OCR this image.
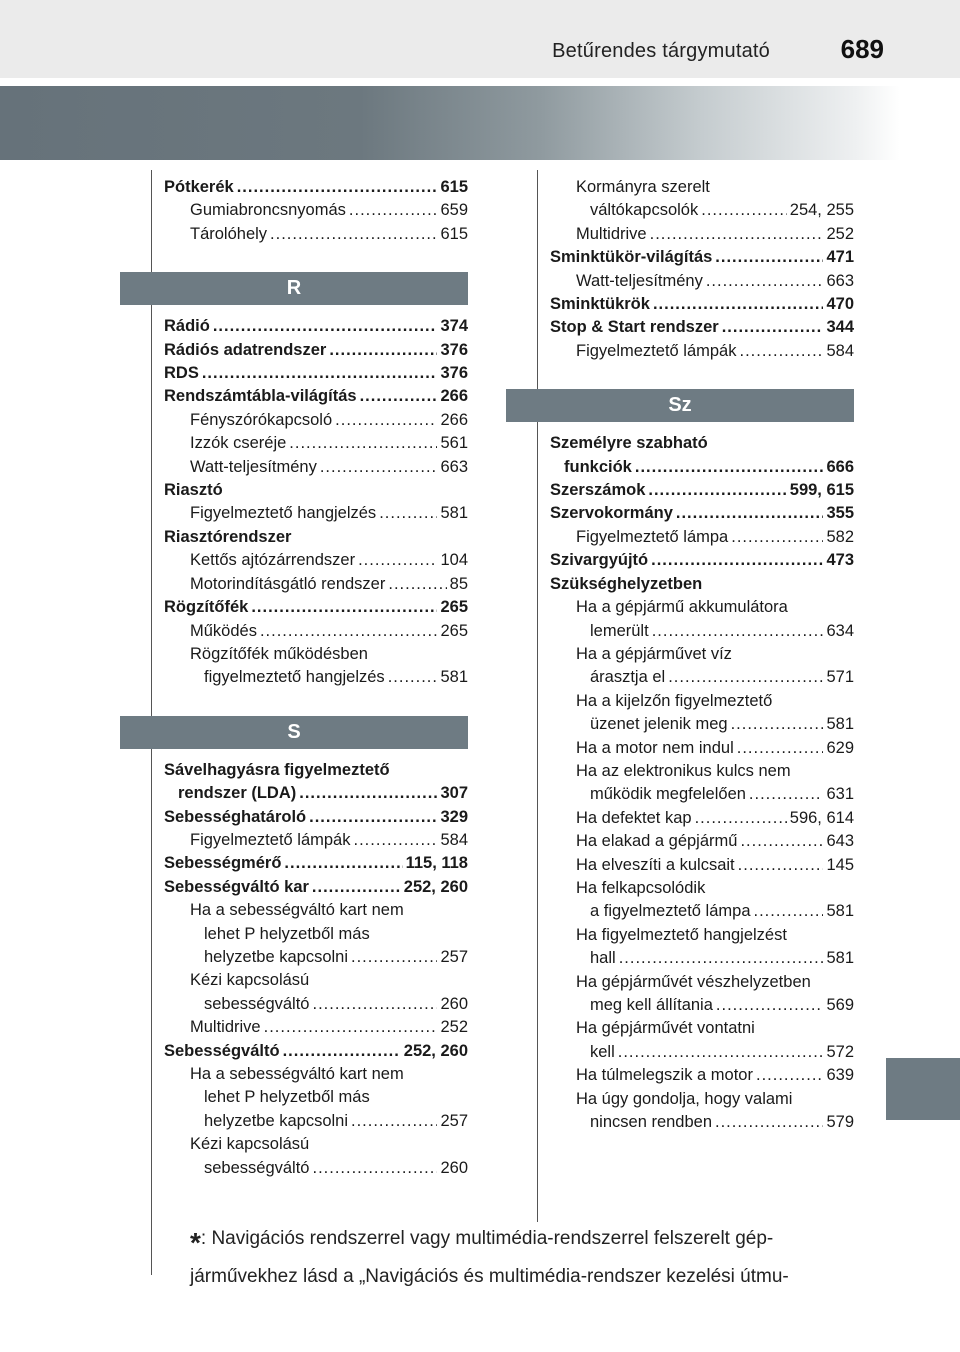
Betűrendes tárgymutató	689
Pótkerék .....	615
Gumiabroncsnyomás .....	659
Tárolóhely .....	615
R
Rádió .....	374
Rádiós adatrendszer .....	376
RDS .....	376
Rendszámtábla-világítás .....	266
Fényszórókapcsoló .....	266
Izzók cseréje .....	561
Watt-teljesítmény .....	663
Riasztó
Figyelmeztető hangjelzés .....	581
Riasztórendszer
Kettős ajtózárrendszer .....	104
Motorindításgátló rendszer .....	85
Rögzítőfék .....	265
Működés .....	265
Rögzítőfék működésben
figyelmeztető hangjelzés .....	581
S
Sávelhagyásra figyelmeztető
rendszer (LDA) .....	307
Sebességhatároló .....	329
Figyelmeztető lámpák .....	584
Sebességmérő .....	115, 118
Sebességváltó kar .....	252, 260
Ha a sebességváltó kart nem
lehet P helyzetből más
helyzetbe kapcsolni .....	257
Kézi kapcsolású
sebességváltó .....	260
Multidrive .....	252
Sebességváltó .....	252, 260
Ha a sebességváltó kart nem
lehet P helyzetből más
helyzetbe kapcsolni .....	257
Kézi kapcsolású
sebességváltó .....	260
Kormányra szerelt
váltókapcsolók .....	254, 255
Multidrive .....	252
Sminktükör-világítás .....	471
Watt-teljesítmény .....	663
Sminktükrök .....	470
Stop & Start rendszer .....	344
Figyelmeztető lámpák .....	584
Sz
Személyre szabható
funkciók .....	666
Szerszámok .....	599, 615
Szervokormány .....	355
Figyelmeztető lámpa .....	582
Szivargyújtó .....	473
Szükséghelyzetben
Ha a gépjármű akkumulátora
lemerült .....	634
Ha a gépjárművet víz
árasztja el .....	571
Ha a kijelzőn figyelmeztető
üzenet jelenik meg .....	581
Ha a motor nem indul .....	629
Ha az elektronikus kulcs nem
működik megfelelően .....	631
Ha defektet kap .....	596, 614
Ha elakad a gépjármű .....	643
Ha elveszíti a kulcsait .....	145
Ha felkapcsolódik
a figyelmeztető lámpa .....	581
Ha figyelmeztető hangjelzést
hall .....	581
Ha gépjárművét vészhelyzetben
meg kell állítania .....	569
Ha gépjárművét vontatni
kell .....	572
Ha túlmelegszik a motor .....	639
Ha úgy gondolja, hogy valami
nincsen rendben .....	579
*: Navigációs rendszerrel vagy multimédia-rendszerrel felszerelt gép-járművekhez lásd a „Navigációs és multimédia-rendszer kezelési útmu-
